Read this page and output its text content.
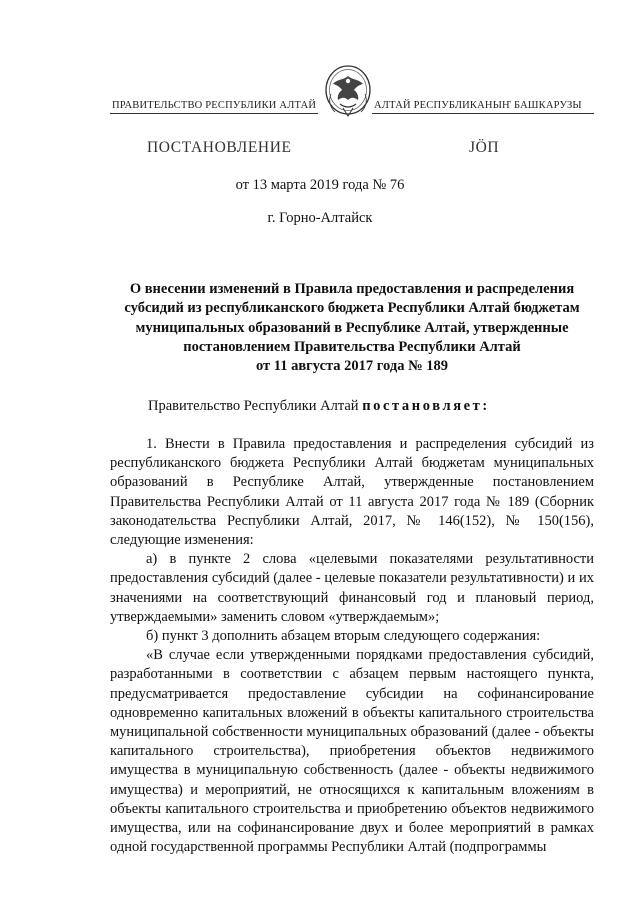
ПРАВИТЕЛЬСТВО РЕСПУБЛИКИ АЛТАЙ	АЛТАЙ РЕСПУБЛИКАНЫҤ БАШКАРУЗЫ
ПОСТАНОВЛЕНИЕ	ЈӦП
от 13 марта 2019 года № 76
г. Горно-Алтайск
О внесении изменений в Правила предоставления и распределения
субсидий из республиканского бюджета Республики Алтай бюджетам
муниципальных образований в Республике Алтай, утвержденные
постановлением Правительства Республики Алтай
от 11 августа 2017 года № 189
Правительство Республики Алтай постановляет:

1. Внести в Правила предоставления и распределения субсидий из республиканского бюджета Республики Алтай бюджетам муниципальных образований в Республике Алтай, утвержденные постановлением Правительства Республики Алтай от 11 августа 2017 года № 189 (Сборник законодательства Республики Алтай, 2017, № 146(152), № 150(156), следующие изменения:

а) в пункте 2 слова «целевыми показателями результативности предоставления субсидий (далее - целевые показатели результативности) и их значениями на соответствующий финансовый год и плановый период, утверждаемыми» заменить словом «утверждаемым»;

б) пункт 3 дополнить абзацем вторым следующего содержания:

«В случае если утвержденными порядками предоставления субсидий, разработанными в соответствии с абзацем первым настоящего пункта, предусматривается предоставление субсидии на софинансирование одновременно капитальных вложений в объекты капитального строительства муниципальной собственности муниципальных образований (далее - объекты капитального строительства), приобретения объектов недвижимого имущества в муниципальную собственность (далее - объекты недвижимого имущества) и мероприятий, не относящихся к капитальным вложениям в объекты капитального строительства и приобретению объектов недвижимого имущества, или на софинансирование двух и более мероприятий в рамках одной государственной программы Республики Алтай (подпрограммы
